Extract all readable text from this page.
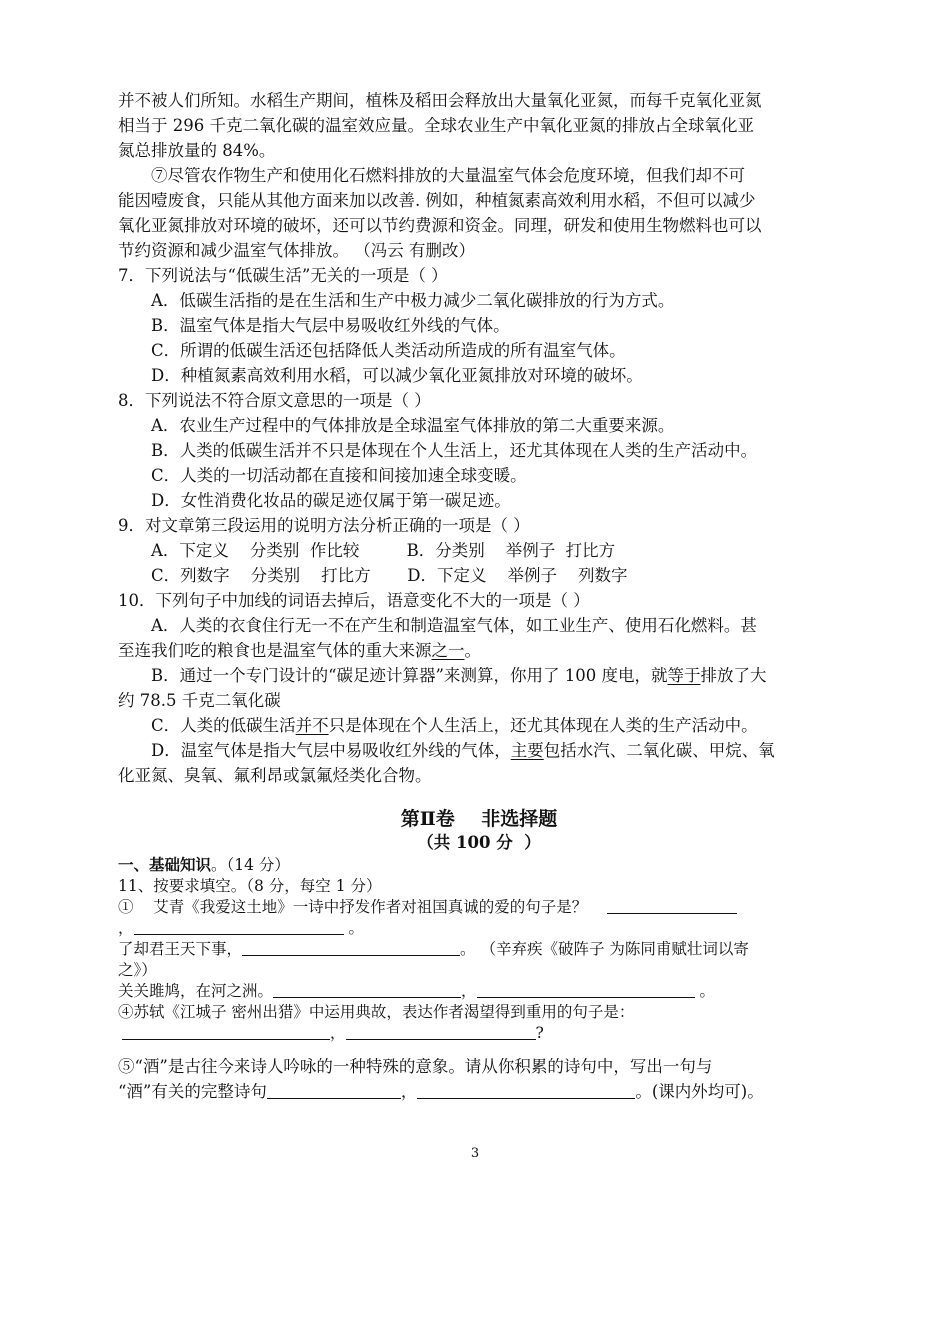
并不被人们所知。水稻生产期间，植株及稻田会释放出大量氧化亚氮，而每千克氧化亚氮
相当于 296 千克二氧化碳的温室效应量。全球农业生产中氧化亚氮的排放占全球氧化亚
氮总排放量的 84%。
⑦尽管农作物生产和使用化石燃料排放的大量温室气体会危度环境，但我们却不可
能因噎废食，只能从其他方面来加以改善. 例如，种植氮素高效利用水稻，不但可以减少
氧化亚氮排放对环境的破坏，还可以节约费源和资金。同理，研发和使用生物燃料也可以
节约资源和减少温室气体排放。 （冯云 有删改）
7．下列说法与“低碳生活”无关的一项是（ ）
A．低碳生活指的是在生活和生产中极力减少二氧化碳排放的行为方式。
B．温室气体是指大气层中易吸收红外线的气体。
C．所谓的低碳生活还包括降低人类活动所造成的所有温室气体。
D．种植氮素高效利用水稻，可以减少氧化亚氮排放对环境的破坏。
8．下列说法不符合原文意思的一项是（ ）
A．农业生产过程中的气体排放是全球温室气体排放的第二大重要来源。
B．人类的低碳生活并不只是体现在个人生活上，还尤其体现在人类的生产活动中。
C．人类的一切活动都在直接和间接加速全球变暖。
D．女性消费化妆品的碳足迹仅属于第一碳足迹。
9．对文章第三段运用的说明方法分析正确的一项是（ ）
A．下定义    分类别  作比较         B．分类别    举例子  打比方
C．列数字    分类别    打比方       D．下定义    举例子    列数字
10．下列句子中加线的词语去掉后，语意变化不大的一项是（ ）
A．人类的衣食住行无一不在产生和制造温室气体，如工业生产、使用石化燃料。甚
至连我们吃的粮食也是温室气体的重大来源之一。
B．通过一个专门设计的“碳足迹计算器”来测算，你用了 100 度电，就等于排放了大
约 78.5 千克二氧化碳
C．人类的低碳生活并不只是体现在个人生活上，还尤其体现在人类的生产活动中。
D．温室气体是指大气层中易吸收红外线的气体，主要包括水汽、二氧化碳、甲烷、氧
化亚氮、臭氧、氟利昂或氯氟烃类化合物。
第Ⅱ卷    非选择题
（共 100 分  ）
一、基础知识。（14 分）
11、按要求填空。（8 分，每空 1 分）
①    艾青《我爱这土地》一诗中抒发作者对祖国真诚的爱的句子是？
，	。
了却君王天下事，	。 （辛弃疾《破阵子 为陈同甫赋壮词以寄
之》）
关关雎鸠，在河之洲。	，	。
④苏轼《江城子 密州出猎》中运用典故，表达作者渴望得到重用的句子是：
，	?
⑤“酒”是古往今来诗人吟咏的一种特殊的意象。请从你积累的诗句中，写出一句与
“酒”有关的完整诗句	，	。(课内外均可)。
3
